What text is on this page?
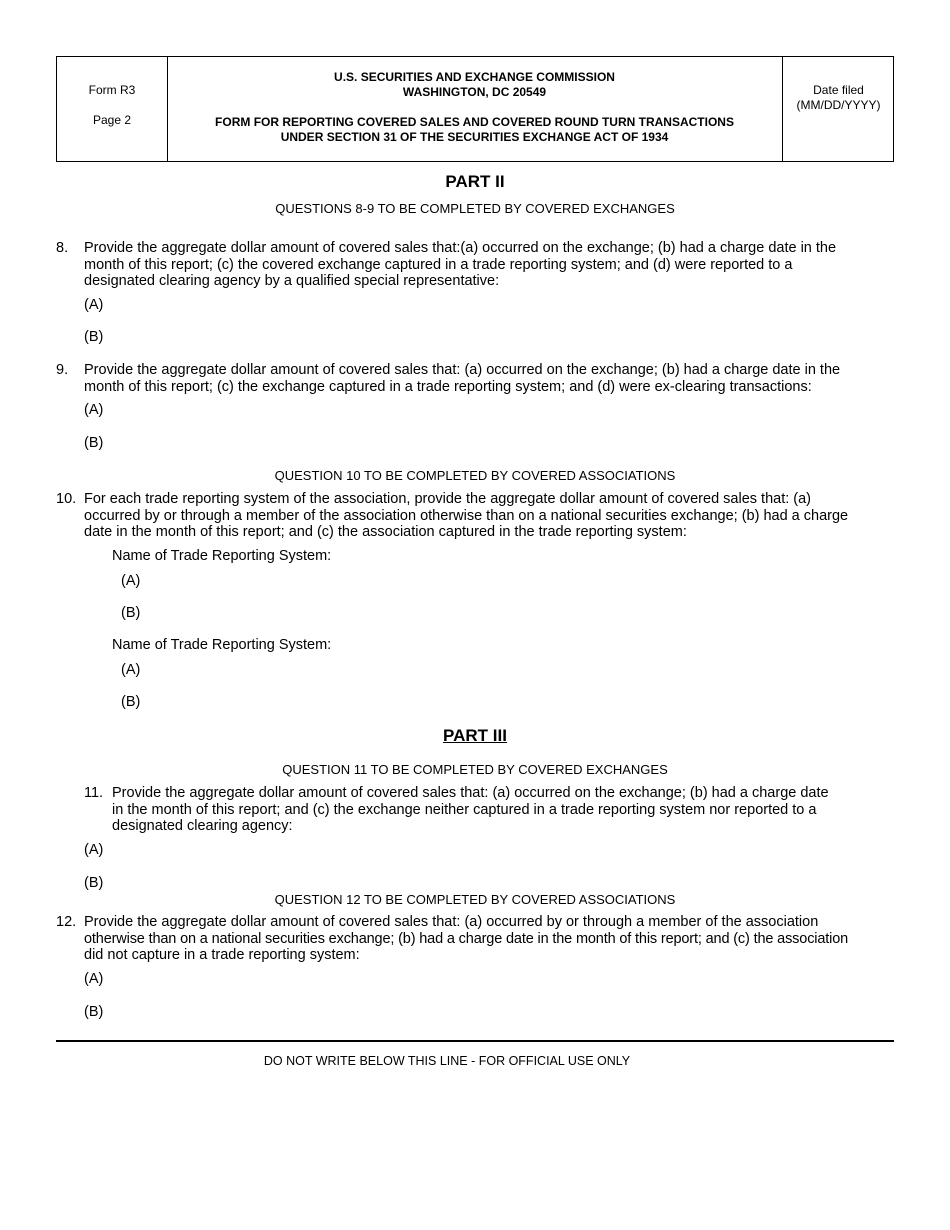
Form R3
Page 2
U.S. SECURITIES AND EXCHANGE COMMISSION
WASHINGTON, DC 20549
FORM FOR REPORTING COVERED SALES AND COVERED ROUND TURN TRANSACTIONS
UNDER SECTION 31 OF THE SECURITIES EXCHANGE ACT OF 1934
Date filed
(MM/DD/YYYY)
PART II
QUESTIONS 8-9 TO BE COMPLETED BY COVERED EXCHANGES
8. Provide the aggregate dollar amount of covered sales that:(a) occurred on the exchange; (b) had a charge date in the
month of this report; (c) the covered exchange captured in a trade reporting system; and (d) were reported to a
designated clearing agency by a qualified special representative:
(A)
(B)
9. Provide the aggregate dollar amount of covered sales that: (a) occurred on the exchange; (b) had a charge date in the
month of this report; (c) the exchange captured in a trade reporting system; and (d) were ex-clearing transactions:
(A)
(B)
QUESTION 10 TO BE COMPLETED BY COVERED ASSOCIATIONS
10. For each trade reporting system of the association, provide the aggregate dollar amount of covered sales that: (a)
occurred by or through a member of the association otherwise than on a national securities exchange; (b) had a charge
date in the month of this report; and (c) the association captured in the trade reporting system:
Name of Trade Reporting System:
(A)
(B)
Name of Trade Reporting System:
(A)
(B)
PART III
QUESTION 11 TO BE COMPLETED BY COVERED EXCHANGES
11. Provide the aggregate dollar amount of covered sales that: (a) occurred on the exchange; (b) had a charge date
in the month of this report; and (c) the exchange neither captured in a trade reporting system nor reported to a
designated clearing agency:
(A)
(B)
QUESTION 12 TO BE COMPLETED BY COVERED ASSOCIATIONS
12. Provide the aggregate dollar amount of covered sales that: (a) occurred by or through a member of the association
otherwise than on a national securities exchange; (b) had a charge date in the month of this report; and (c) the association
did not capture in a trade reporting system:
(A)
(B)
DO NOT WRITE BELOW THIS LINE - FOR OFFICIAL USE ONLY
